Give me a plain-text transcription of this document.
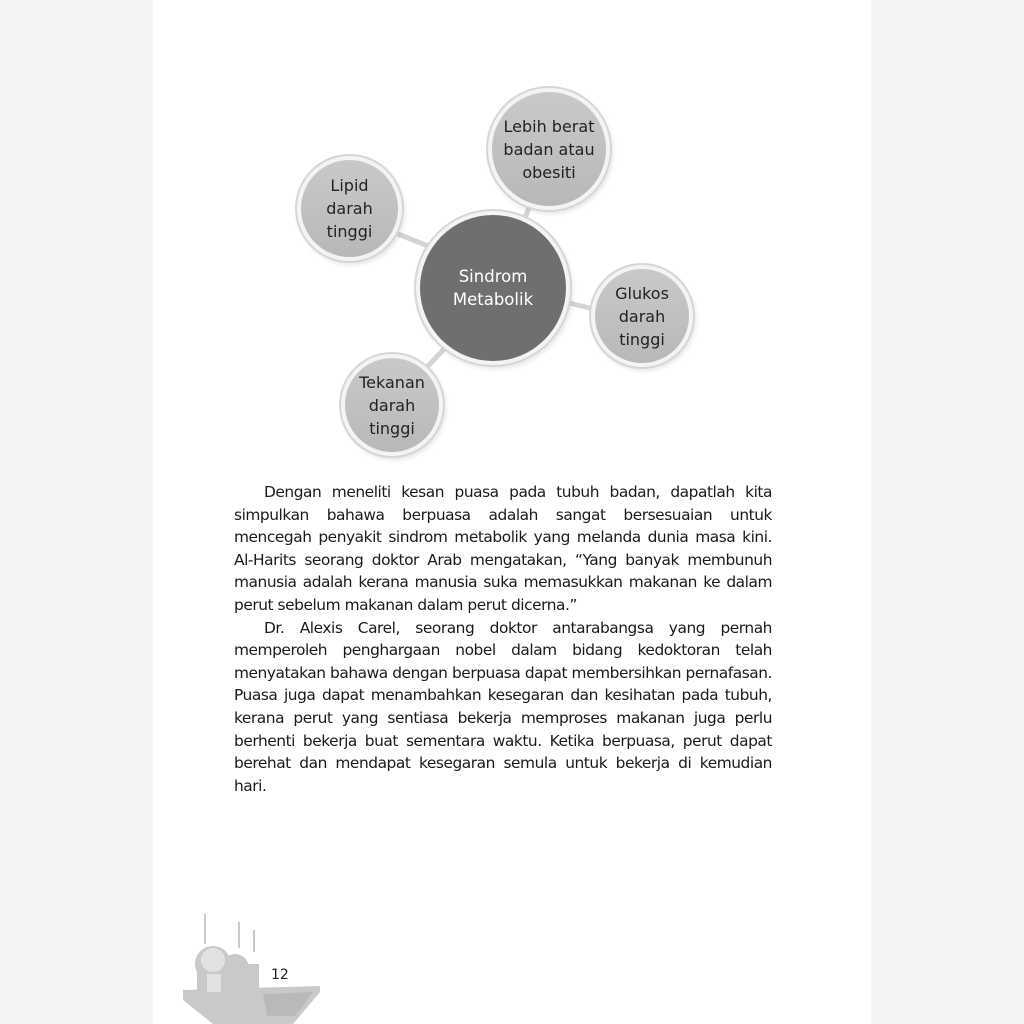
Sindrom
Metabolik
Lebih berat
badan atau
obesiti
Lipid
darah
tinggi
Glukos
darah
tinggi
Tekanan
darah
tinggi

Dengan meneliti kesan puasa pada tubuh badan, dapatlah kita simpulkan bahawa berpuasa adalah sangat bersesuaian untuk mencegah penyakit sindrom metabolik yang melanda dunia masa kini. Al-Harits seorang doktor Arab mengatakan, “Yang banyak membunuh manusia adalah kerana manusia suka memasukkan makanan ke dalam perut sebelum makanan dalam perut dicerna.”

Dr. Alexis Carel, seorang doktor antarabangsa yang pernah memperoleh penghargaan nobel dalam bidang kedoktoran telah menyatakan bahawa dengan berpuasa dapat membersihkan pernafasan. Puasa juga dapat menambahkan kesegaran dan kesihatan pada tubuh, kerana perut yang sentiasa bekerja memproses makanan juga perlu berhenti bekerja buat sementara waktu. Ketika berpuasa, perut dapat berehat dan mendapat kesegaran semula untuk bekerja di kemudian hari.

12
